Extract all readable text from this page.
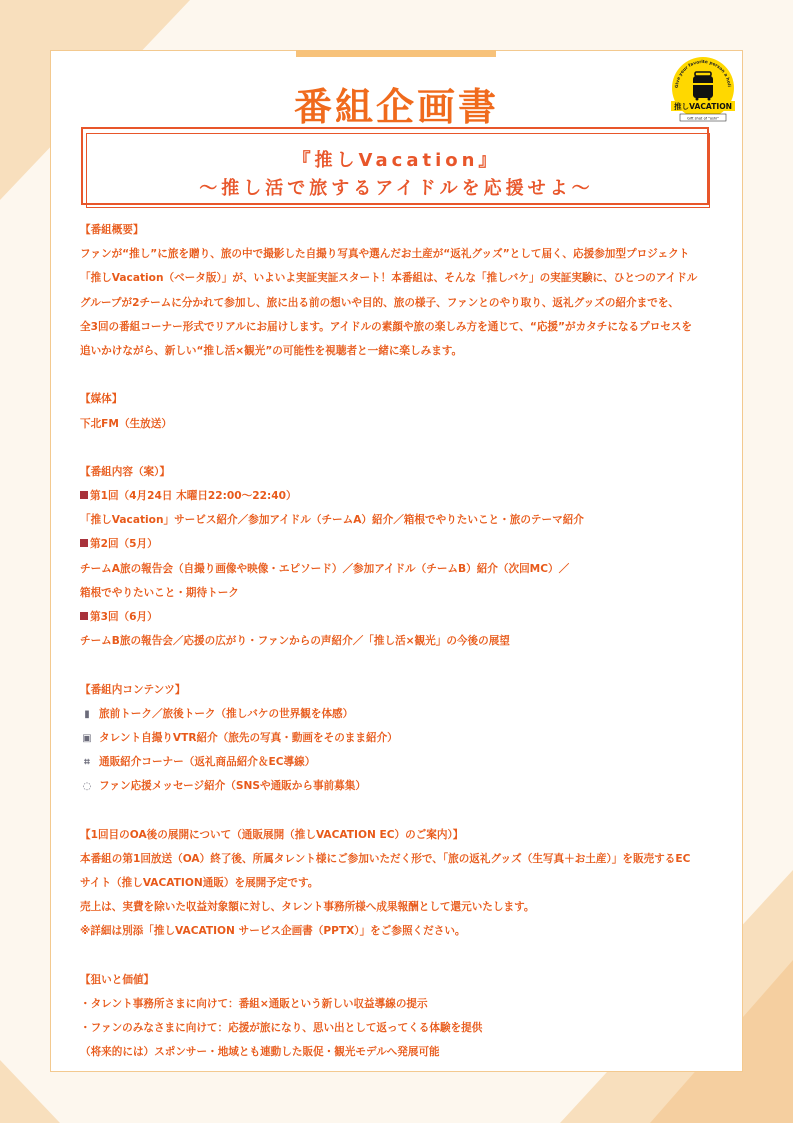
番組企画書	Give your favorite person a holi
推しVACATION
Gift shot of "oshi"
『推しVacation』
〜推し活で旅するアイドルを応援せよ〜
【番組概要】
ファンが“推し”に旅を贈り、旅の中で撮影した自撮り写真や選んだお土産が“返礼グッズ”として届く、応援参加型プロジェクト
「推しVacation（ベータ版）」が、いよいよ実証実証スタート！本番組は、そんな「推しバケ」の実証実験に、ひとつのアイドル
グループが2チームに分かれて参加し、旅に出る前の想いや目的、旅の様子、ファンとのやり取り、返礼グッズの紹介までを、
全3回の番組コーナー形式でリアルにお届けします。アイドルの素顔や旅の楽しみ方を通じて、“応援”がカタチになるプロセスを
追いかけながら、新しい“推し活×観光”の可能性を視聴者と一緒に楽しみます。
【媒体】
下北FM（生放送）
【番組内容（案）】
第1回（4月24日 木曜日22:00〜22:40）
「推しVacation」サービス紹介／参加アイドル（チームA）紹介／箱根でやりたいこと・旅のテーマ紹介
第2回（5月）
チームA旅の報告会（自撮り画像や映像・エピソード）／参加アイドル（チームB）紹介（次回MC）／
箱根でやりたいこと・期待トーク
第3回（6月）
チームB旅の報告会／応援の広がり・ファンからの声紹介／「推し活×観光」の今後の展望
【番組内コンテンツ】
▮ 旅前トーク／旅後トーク（推しバケの世界観を体感）
▣ タレント自撮りVTR紹介（旅先の写真・動画をそのまま紹介）
⌗ 通販紹介コーナー（返礼商品紹介＆EC導線）
◌ ファン応援メッセージ紹介（SNSや通販から事前募集）
【1回目のOA後の展開について（通販展開（推しVACATION EC）のご案内）】
本番組の第1回放送（OA）終了後、所属タレント様にご参加いただく形で、「旅の返礼グッズ（生写真＋お土産）」を販売するEC
サイト（推しVACATION通販）を展開予定です。
売上は、実費を除いた収益対象額に対し、タレント事務所様へ成果報酬として還元いたします。
※詳細は別添「推しVACATION サービス企画書（PPTX）」をご参照ください。
【狙いと価値】
・タレント事務所さまに向けて：番組×通販という新しい収益導線の提示
・ファンのみなさまに向けて：応援が旅になり、思い出として返ってくる体験を提供
（将来的には）スポンサー・地域とも連動した販促・観光モデルへ発展可能
